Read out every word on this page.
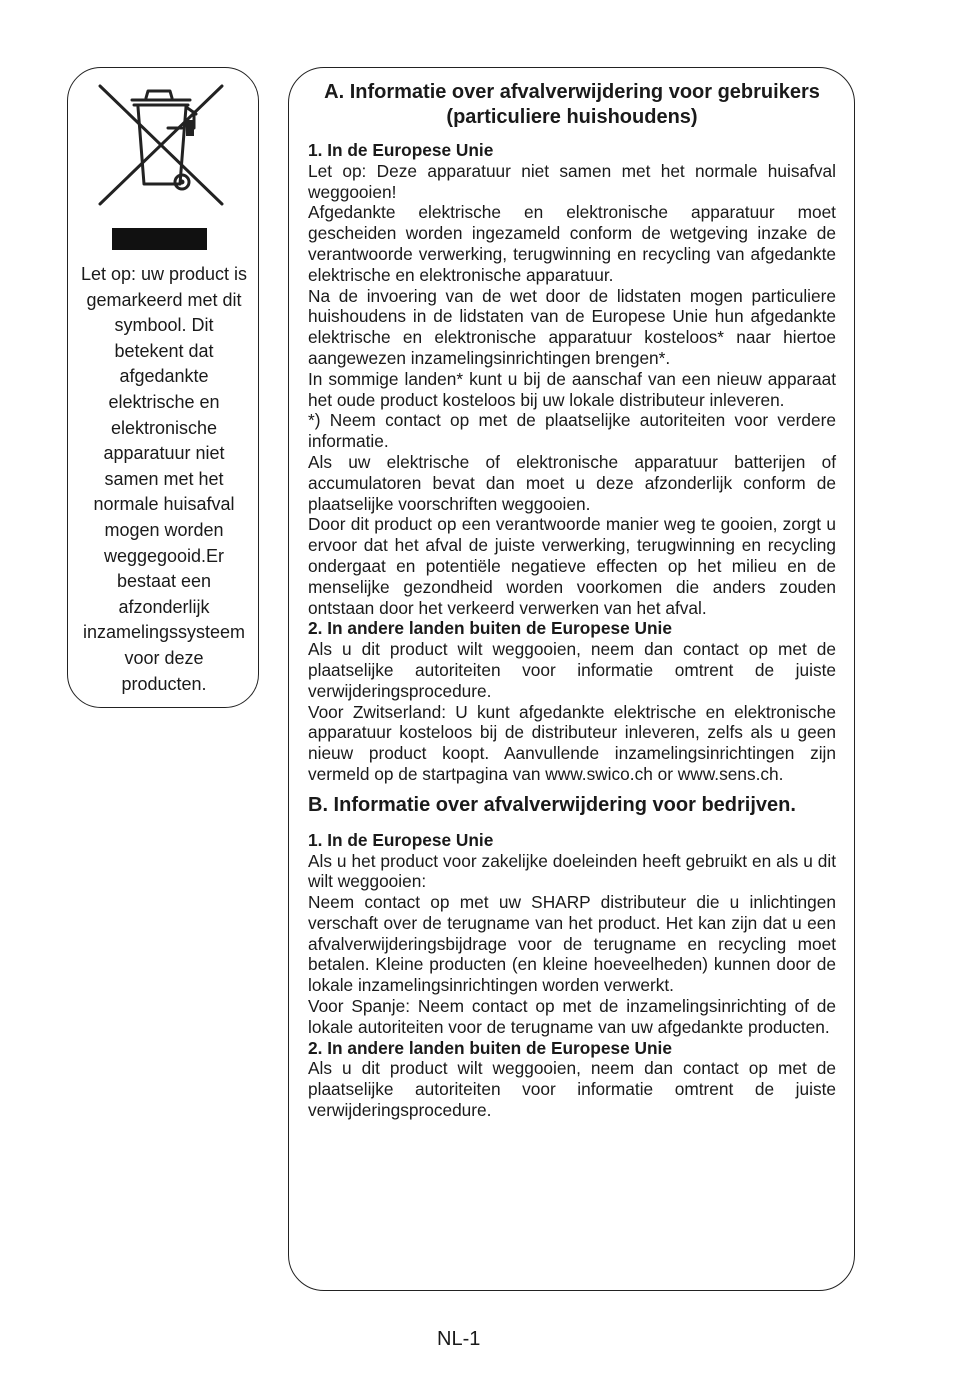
Let op: uw product is gemarkeerd met dit symbool. Dit betekent dat afgedankte elektrische en elektronische apparatuur niet samen met het normale huisafval mogen worden weggegooid.Er bestaat een afzonderlijk inzamelingssysteem voor deze producten.

A. Informatie over afvalverwijdering voor gebruikers (particuliere huishoudens)
1. In de Europese Unie

Let op: Deze apparatuur niet samen met het normale huisafval weggooien!

Afgedankte elektrische en elektronische apparatuur moet gescheiden worden ingezameld conform de wetgeving inzake de verantwoorde verwerking, terugwinning en recycling van afgedankte elektrische en elektronische apparatuur.

Na de invoering van de wet door de lidstaten mogen particuliere huishoudens in de lidstaten van de Europese Unie hun afgedankte elektrische en elektronische apparatuur kosteloos* naar hiertoe aangewezen inzamelingsinrichtingen brengen*.

In sommige landen* kunt u bij de aanschaf van een nieuw apparaat het oude product kosteloos bij uw lokale distributeur inleveren.

*) Neem contact op met de plaatselijke autoriteiten voor verdere informatie.

Als uw elektrische of elektronische apparatuur batterijen of accumulatoren bevat dan moet u deze afzonderlijk conform de plaatselijke voorschriften weggooien.

Door dit product op een verantwoorde manier weg te gooien, zorgt u ervoor dat het afval de juiste verwerking, terugwinning en recycling ondergaat en potentiële negatieve effecten op het milieu en de menselijke gezondheid worden voorkomen die anders zouden ontstaan door het verkeerd verwerken van het afval.

2. In andere landen buiten de Europese Unie

Als u dit product wilt weggooien, neem dan contact op met de plaatselijke autoriteiten voor informatie omtrent de juiste verwijderingsprocedure.

Voor Zwitserland: U kunt afgedankte elektrische en elektronische apparatuur kosteloos bij de distributeur inleveren, zelfs als u geen nieuw product koopt. Aanvullende inzamelingsinrichtingen zijn vermeld op de startpagina van www.swico.ch or www.sens.ch.

B. Informatie over afvalverwijdering voor bedrijven.
1. In de Europese Unie

Als u het product voor zakelijke doeleinden heeft gebruikt en als u dit wilt weggooien:

Neem contact op met uw SHARP distributeur die u inlichtingen verschaft over de terugname van het product. Het kan zijn dat u een afvalverwijderingsbijdrage voor de terugname en recycling moet betalen. Kleine producten (en kleine hoeveelheden) kunnen door de lokale inzamelingsinrichtingen worden verwerkt.

Voor Spanje: Neem contact op met de inzamelingsinrichting of de lokale autoriteiten voor de terugname van uw afgedankte producten.

2. In andere landen buiten de Europese Unie

Als u dit product wilt weggooien, neem dan contact op met de plaatselijke autoriteiten voor informatie omtrent de juiste verwijderingsprocedure.

NL-1
